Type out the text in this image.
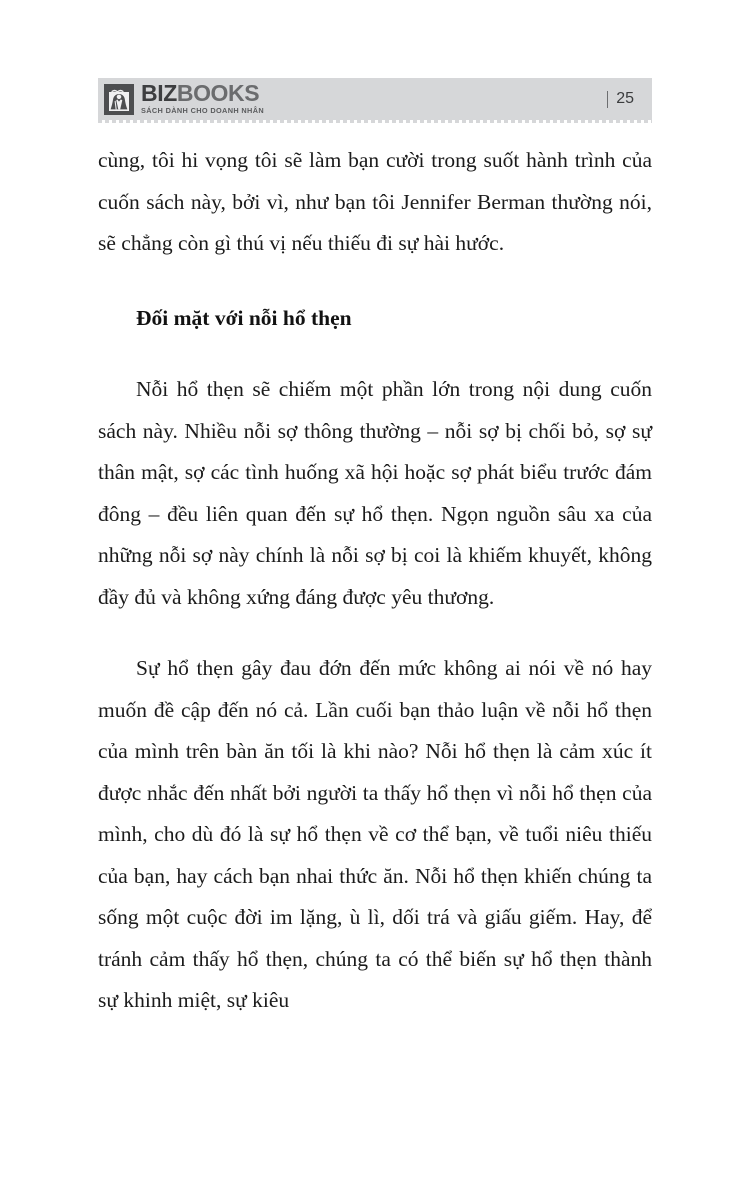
BIZBOOKS
SÁCH DÀNH CHO DOANH NHÂN
25

cùng, tôi hi vọng tôi sẽ làm bạn cười trong suốt hành trình của cuốn sách này, bởi vì, như bạn tôi Jennifer Berman thường nói, sẽ chẳng còn gì thú vị nếu thiếu đi sự hài hước.

Đối mặt với nỗi hổ thẹn

Nỗi hổ thẹn sẽ chiếm một phần lớn trong nội dung cuốn sách này. Nhiều nỗi sợ thông thường – nỗi sợ bị chối bỏ, sợ sự thân mật, sợ các tình huống xã hội hoặc sợ phát biểu trước đám đông – đều liên quan đến sự hổ thẹn. Ngọn nguồn sâu xa của những nỗi sợ này chính là nỗi sợ bị coi là khiếm khuyết, không đầy đủ và không xứng đáng được yêu thương.

Sự hổ thẹn gây đau đớn đến mức không ai nói về nó hay muốn đề cập đến nó cả. Lần cuối bạn thảo luận về nỗi hổ thẹn của mình trên bàn ăn tối là khi nào? Nỗi hổ thẹn là cảm xúc ít được nhắc đến nhất bởi người ta thấy hổ thẹn vì nỗi hổ thẹn của mình, cho dù đó là sự hổ thẹn về cơ thể bạn, về tuổi niêu thiếu của bạn, hay cách bạn nhai thức ăn. Nỗi hổ thẹn khiến chúng ta sống một cuộc đời im lặng, ù lì, dối trá và giấu giếm. Hay, để tránh cảm thấy hổ thẹn, chúng ta có thể biến sự hổ thẹn thành sự khinh miệt, sự kiêu
